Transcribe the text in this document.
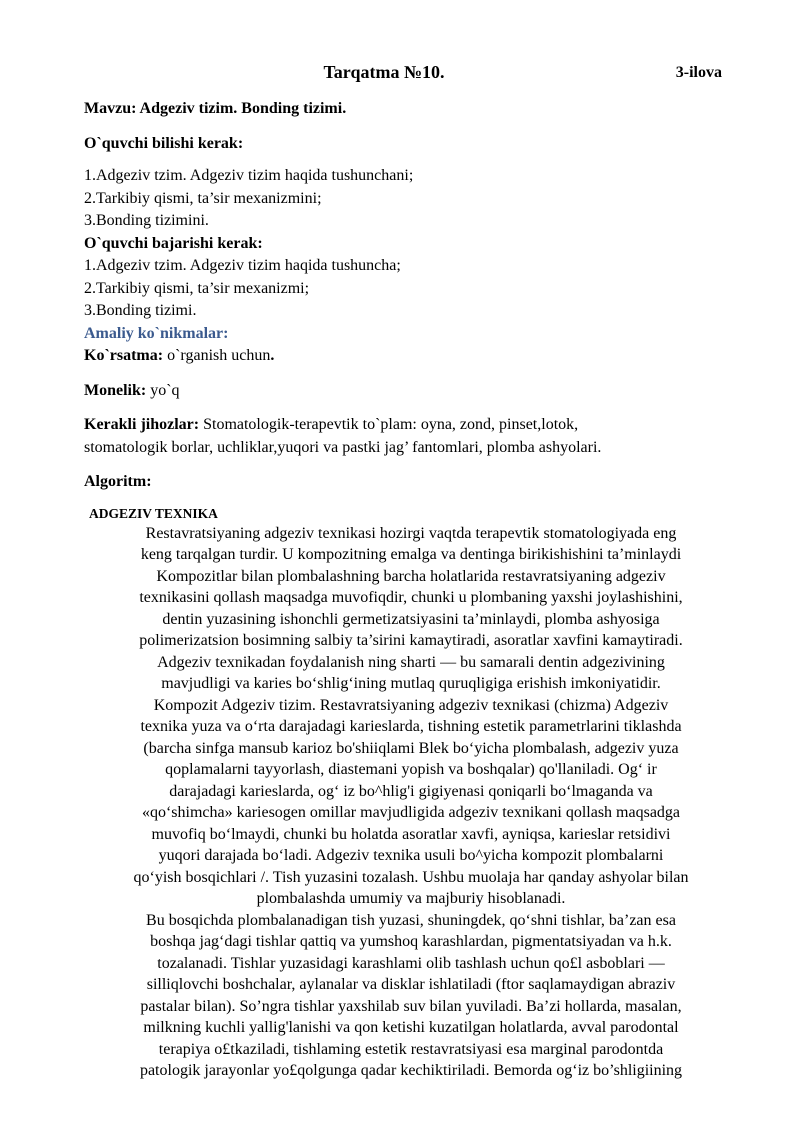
Tarqatma №10.	3-ilova
Mavzu: Adgeziv tizim. Bonding tizimi.
O`quvchi bilishi kerak:
1.Adgeziv tzim. Adgeziv tizim haqida tushunchani;
2.Tarkibiy qismi, ta’sir mexanizmini;
3.Bonding tizimini.
O`quvchi bajarishi kerak:
1.Adgeziv tzim. Adgeziv tizim haqida tushuncha;
2.Tarkibiy qismi, ta’sir mexanizmi;
3.Bonding tizimi.
Amaliy ko`nikmalar:
Ko`rsatma: o`rganish uchun.
Monelik: yo`q
Kerakli jihozlar: Stomatologik-terapevtik to`plam: oyna, zond, pinset,lotok,
stomatologik borlar, uchliklar,yuqori va pastki jag’ fantomlari, plomba ashyolari.
Algoritm:
ADGEZIV TEXNIKA
Restavratsiyaning adgeziv texnikasi hozirgi vaqtda terapevtik stomatologiyada eng
keng tarqalgan turdir. U kompozitning emalga va dentinga birikishishini ta’minlaydi
Kompozitlar bilan plombalashning barcha holatlarida restavratsiyaning adgeziv
texnikasini qollash maqsadga muvofiqdir, chunki u plombaning yaxshi joylashishini,
dentin yuzasining ishonchli germetizatsiyasini ta’minlaydi, plomba ashyosiga
polimerizatsion bosimning salbiy ta’sirini kamaytiradi, asoratlar xavfini kamaytiradi.
Adgeziv texnikadan foydalanish ning sharti — bu samarali dentin adgezivining
mavjudligi va karies bo‘shlig‘ining mutlaq quruqligiga erishish imkoniyatidir.
Kompozit Adgeziv tizim. Restavratsiyaning adgeziv texnikasi (chizma) Adgeziv
texnika yuza va o‘rta darajadagi karieslarda, tishning estetik parametrlarini tiklashda
(barcha sinfga mansub karioz bo'shiiqlami Blek bo‘yicha plombalash, adgeziv yuza
qoplamalarni tayyorlash, diastemani yopish va boshqalar) qo'llaniladi. Og‘ ir
darajadagi karieslarda, og‘ iz bo^hlig'i gigiyenasi qoniqarli bo‘lmaganda va
«qo‘shimcha» kariesogen omillar mavjudligida adgeziv texnikani qollash maqsadga
muvofiq bo‘lmaydi, chunki bu holatda asoratlar xavfi, ayniqsa, karieslar retsidivi
yuqori darajada bo‘ladi. Adgeziv texnika usuli bo^yicha kompozit plombalarni
qo‘yish bosqichlari /. Tish yuzasini tozalash. Ushbu muolaja har qanday ashyolar bilan
plombalashda umumiy va majburiy hisoblanadi.
Bu bosqichda plombalanadigan tish yuzasi, shuningdek, qo‘shni tishlar, ba’zan esa
boshqa jag‘dagi tishlar qattiq va yumshoq karashlardan, pigmentatsiyadan va h.k.
tozalanadi. Tishlar yuzasidagi karashlami olib tashlash uchun qo£l asboblari —
silliqlovchi boshchalar, aylanalar va disklar ishlatiladi (ftor saqlamaydigan abraziv
pastalar bilan). So’ngra tishlar yaxshilab suv bilan yuviladi. Ba’zi hollarda, masalan,
milkning kuchli yallig'lanishi va qon ketishi kuzatilgan holatlarda, avval parodontal
terapiya o£tkaziladi, tishlaming estetik restavratsiyasi esa marginal parodontda
patologik jarayonlar yo£qolgunga qadar kechiktiriladi. Bemorda og‘iz bo’shligiining
